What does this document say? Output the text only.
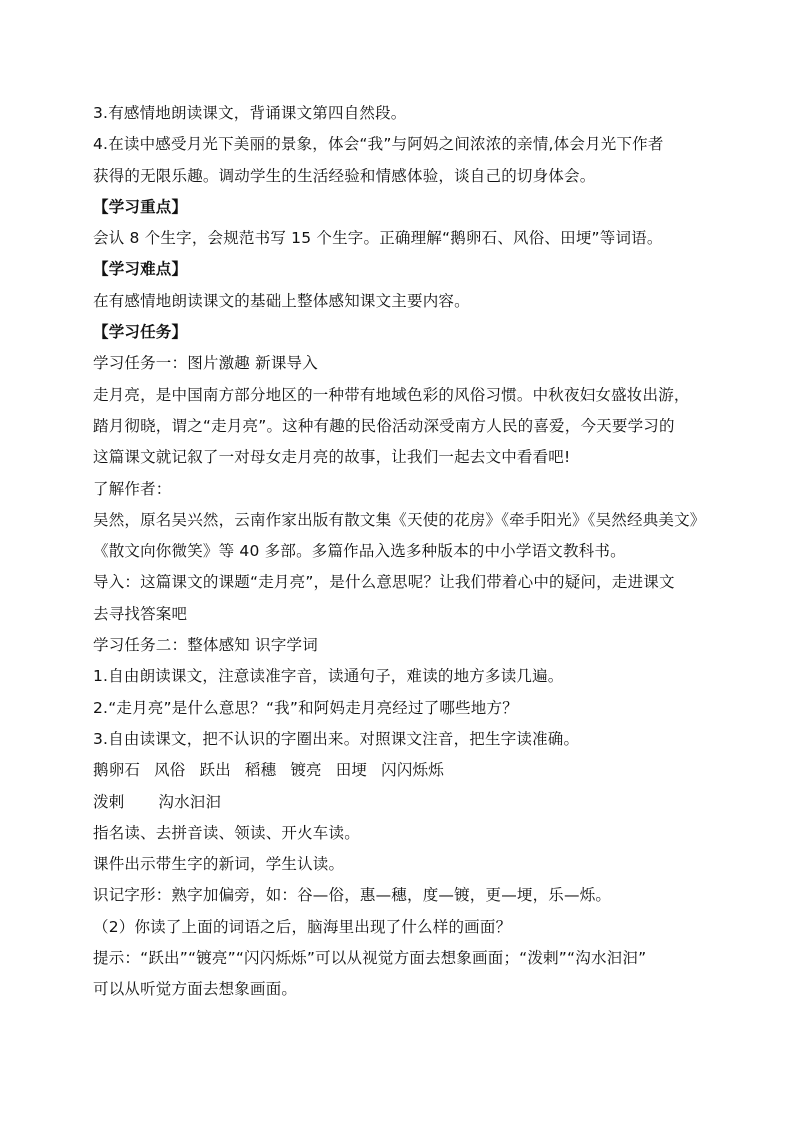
3.有感情地朗读课文，背诵课文第四自然段。
4.在读中感受月光下美丽的景象，体会“我”与阿妈之间浓浓的亲情,体会月光下作者
获得的无限乐趣。调动学生的生活经验和情感体验，谈自己的切身体会。
【学习重点】
会认 8 个生字，会规范书写 15 个生字。正确理解“鹅卵石、风俗、田埂”等词语。
【学习难点】
在有感情地朗读课文的基础上整体感知课文主要内容。
【学习任务】
学习任务一：图片激趣 新课导入
走月亮，是中国南方部分地区的一种带有地域色彩的风俗习惯。中秋夜妇女盛妆出游，
踏月彻晓，谓之“走月亮”。这种有趣的民俗活动深受南方人民的喜爱，今天要学习的
这篇课文就记叙了一对母女走月亮的故事，让我们一起去文中看看吧!
了解作者：
吴然，原名吴兴然，云南作家出版有散文集《天使的花房》《牵手阳光》《吴然经典美文》
《散文向你微笑》等 40 多部。多篇作品入选多种版本的中小学语文教科书。
导入：这篇课文的课题“走月亮”，是什么意思呢？让我们带着心中的疑问，走进课文
去寻找答案吧
学习任务二：整体感知 识字学词
1.自由朗读课文，注意读准字音，读通句子，难读的地方多读几遍。
2.“走月亮”是什么意思？“我”和阿妈走月亮经过了哪些地方？
3.自由读课文，把不认识的字圈出来。对照课文注音，把生字读准确。
鹅卵石 风俗 跃出 稻穗 镀亮 田埂 闪闪烁烁
泼剌 沟水汩汩
指名读、去拼音读、领读、开火车读。
课件出示带生字的新词，学生认读。
识记字形：熟字加偏旁，如：谷—俗，惠—穗，度—镀，更—埂，乐—烁。
（2）你读了上面的词语之后，脑海里出现了什么样的画面？
提示：“跃出”“镀亮”“闪闪烁烁”可以从视觉方面去想象画面；“泼剌”“沟水汩汩”
可以从听觉方面去想象画面。
